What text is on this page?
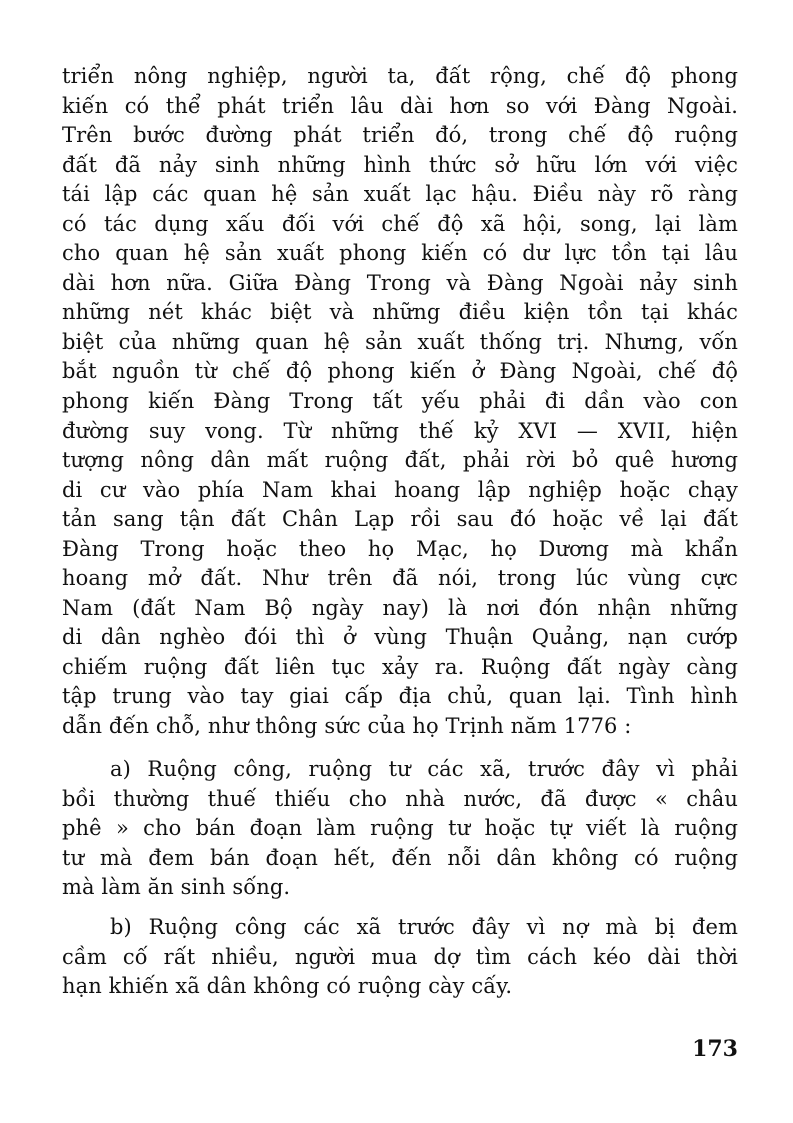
triển nông nghiệp, người ta, đất rộng, chế độ phong
kiến có thể phát triển lâu dài hơn so với Đàng Ngoài.
Trên bước đường phát triển đó, trong chế độ ruộng
đất đã nảy sinh những hình thức sở hữu lớn với việc
tái lập các quan hệ sản xuất lạc hậu. Điều này rõ ràng
có tác dụng xấu đối với chế độ xã hội, song, lại làm
cho quan hệ sản xuất phong kiến có dư lực tồn tại lâu
dài hơn nữa. Giữa Đàng Trong và Đàng Ngoài nảy sinh
những nét khác biệt và những điều kiện tồn tại khác
biệt của những quan hệ sản xuất thống trị. Nhưng, vốn
bắt nguồn từ chế độ phong kiến ở Đàng Ngoài, chế độ
phong kiến Đàng Trong tất yếu phải đi dần vào con
đường suy vong. Từ những thế kỷ XVI — XVII, hiện
tượng nông dân mất ruộng đất, phải rời bỏ quê hương
di cư vào phía Nam khai hoang lập nghiệp hoặc chạy
tản sang tận đất Chân Lạp rồi sau đó hoặc về lại đất
Đàng Trong hoặc theo họ Mạc, họ Dương mà khẩn
hoang mở đất. Như trên đã nói, trong lúc vùng cực
Nam (đất Nam Bộ ngày nay) là nơi đón nhận những
di dân nghèo đói thì ở vùng Thuận Quảng, nạn cướp
chiếm ruộng đất liên tục xảy ra. Ruộng đất ngày càng
tập trung vào tay giai cấp địa chủ, quan lại. Tình hình
dẫn đến chỗ, như thông sức của họ Trịnh năm 1776 :
a) Ruộng công, ruộng tư các xã, trước đây vì phải
bồi thường thuế thiếu cho nhà nước, đã được « châu
phê » cho bán đoạn làm ruộng tư hoặc tự viết là ruộng
tư mà đem bán đoạn hết, đến nỗi dân không có ruộng
mà làm ăn sinh sống.
b) Ruộng công các xã trước đây vì nợ mà bị đem
cầm cố rất nhiều, người mua dợ tìm cách kéo dài thời
hạn khiến xã dân không có ruộng cày cấy.
173
